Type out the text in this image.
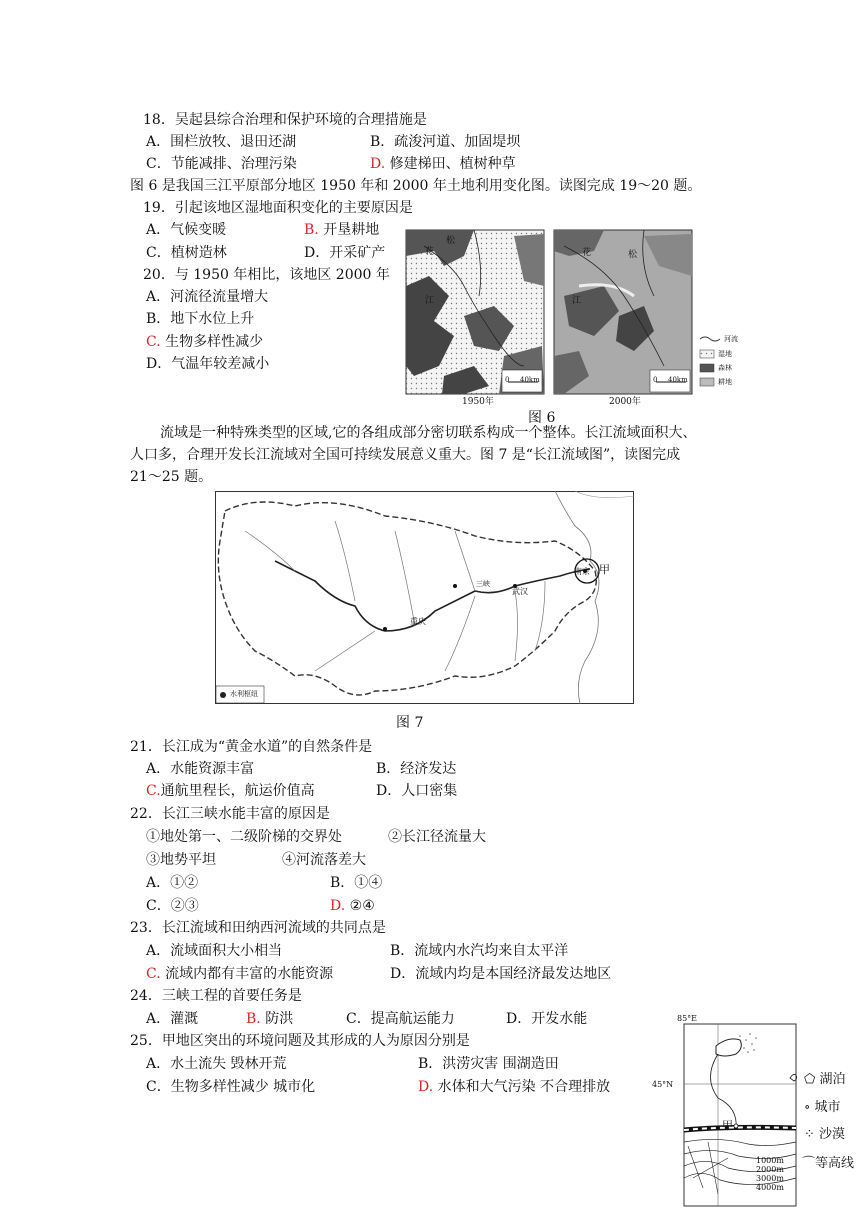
18．吴起县综合治理和保护环境的合理措施是
A．围栏放牧、退田还湖	B．疏浚河道、加固堤坝
C．节能减排、治理污染	D. 修建梯田、植树种草
图 6 是我国三江平原部分地区 1950 年和 2000 年土地利用变化图。读图完成 19～20 题。
19．引起该地区湿地面积变化的主要原因是
A．气候变暖	B. 开垦耕地
C．植树造林	D．开采矿产
20．与 1950 年相比，该地区 2000 年
A．河流径流量增大
B．地下水位上升
C. 生物多样性减少
D．气温年较差减小
松
花
江
松
花
江
0 40km	0 40km
河流
湿地
森林
耕地
1950年	2000年
图 6
流域是一种特殊类型的区域,它的各组成部分密切联系构成一个整体。长江流域面积大、
人口多，合理开发长江流域对全国可持续发展意义重大。图 7 是“长江流域图”，读图完成
21～25 题。
重庆
武汉
南京
三峡
甲
水利枢纽
图 7
21．长江成为“黄金水道”的自然条件是
A．水能资源丰富	B．经济发达
C.通航里程长，航运价值高	D．人口密集
22．长江三峡水能丰富的原因是
①地处第一、二级阶梯的交界处	②长江径流量大
③地势平坦	④河流落差大
A．①②	B．①④
C．②③	D. ②④
23．长江流域和田纳西河流域的共同点是
A．流域面积大小相当	B．流域内水汽均来自太平洋
C. 流域内都有丰富的水能资源	D．流域内均是本国经济最发达地区
24．三峡工程的首要任务是
A．灌溉	B. 防洪	C．提高航运能力	D．开发水能
25．甲地区突出的环境问题及其形成的人为原因分别是
A．水土流失 毁林开荒	B．洪涝灾害 围湖造田
C．生物多样性减少 城市化	D. 水体和大气污染 不合理排放
85°E
45°N
甲
1000m
2000m
3000m
4000m
⬠ 湖泊
∘ 城市
⁘ 沙漠
⌒等高线
